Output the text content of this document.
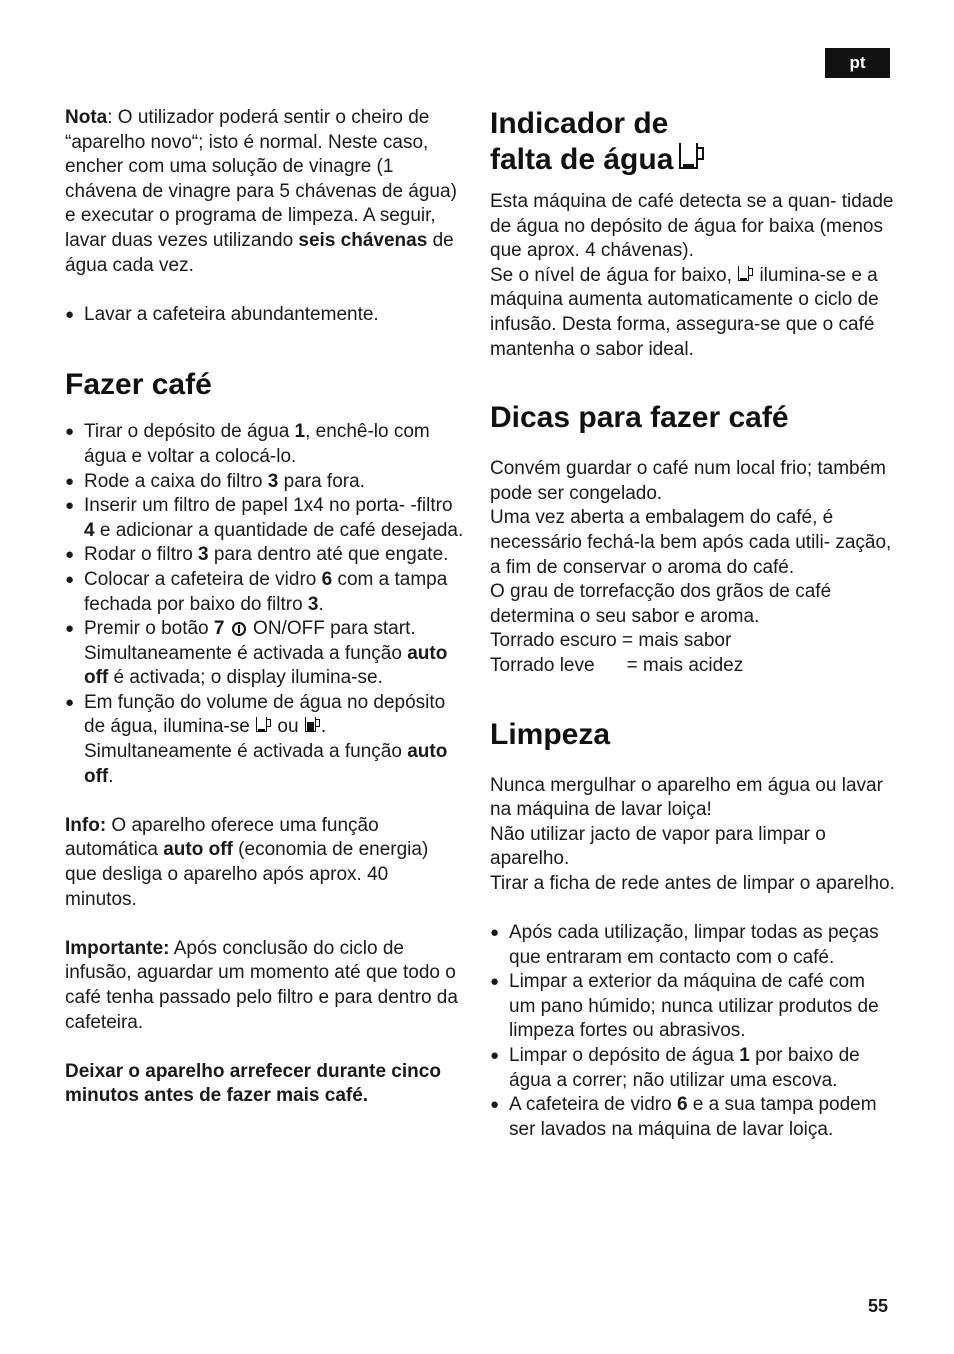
pt

Nota: O utilizador poderá sentir o cheiro de “aparelho novo“; isto é normal. Neste caso, encher com uma solução de vinagre (1 chávena de vinagre para 5 chávenas de água) e executar o programa de limpeza. A seguir, lavar duas vezes utilizando seis chávenas de água cada vez.

● Lavar a cafeteira abundantemente.
Fazer café
● Tirar o depósito de água 1, enchê-lo com água e voltar a colocá-lo.
● Rode a caixa do filtro 3 para fora.
● Inserir um filtro de papel 1x4 no porta- -filtro 4 e adicionar a quantidade de café desejada.
● Rodar o filtro 3 para dentro até que engate.
● Colocar a cafeteira de vidro 6 com a tampa fechada por baixo do filtro 3.
● Premir o botão 7  ON/OFF para start. Simultaneamente é activada a função auto off é activada; o display ilumina-se.
● Em função do volume de água no depósito de água, ilumina-se
ou
. Simultaneamente é activada a função auto off.

Info: O aparelho oferece uma função automática auto off (economia de energia) que desliga o aparelho após aprox. 40 minutos.

Importante: Após conclusão do ciclo de infusão, aguardar um momento até que todo o café tenha passado pelo filtro e para dentro da cafeteira.

Deixar o aparelho arrefecer durante cinco minutos antes de fazer mais café.

Indicador de
falta de água

Esta máquina de café detecta se a quan- tidade de água no depósito de água for baixa (menos que aprox. 4 chávenas).

Se o nível de água for baixo,
ilumina-se e a máquina aumenta automaticamente o ciclo de infusão. Desta forma, assegura-se que o café mantenha o sabor ideal.

Dicas para fazer café

Convém guardar o café num local frio; também pode ser congelado.

Uma vez aberta a embalagem do café, é necessário fechá-la bem após cada utili- zação, a fim de conservar o aroma do café.

O grau de torrefacção dos grãos de café determina o seu sabor e aroma.

Torrado escuro = mais sabor

Torrado leve = mais acidez

Limpeza

Nunca mergulhar o aparelho em água ou lavar na máquina de lavar loiça!

Não utilizar jacto de vapor para limpar o aparelho.

Tirar a ficha de rede antes de limpar o aparelho.

● Após cada utilização, limpar todas as peças que entraram em contacto com o café.
● Limpar a exterior da máquina de café com um pano húmido; nunca utilizar produtos de limpeza fortes ou abrasivos.
● Limpar o depósito de água 1 por baixo de água a correr; não utilizar uma escova.
● A cafeteira de vidro 6 e a sua tampa podem ser lavados na máquina de lavar loiça.
55
